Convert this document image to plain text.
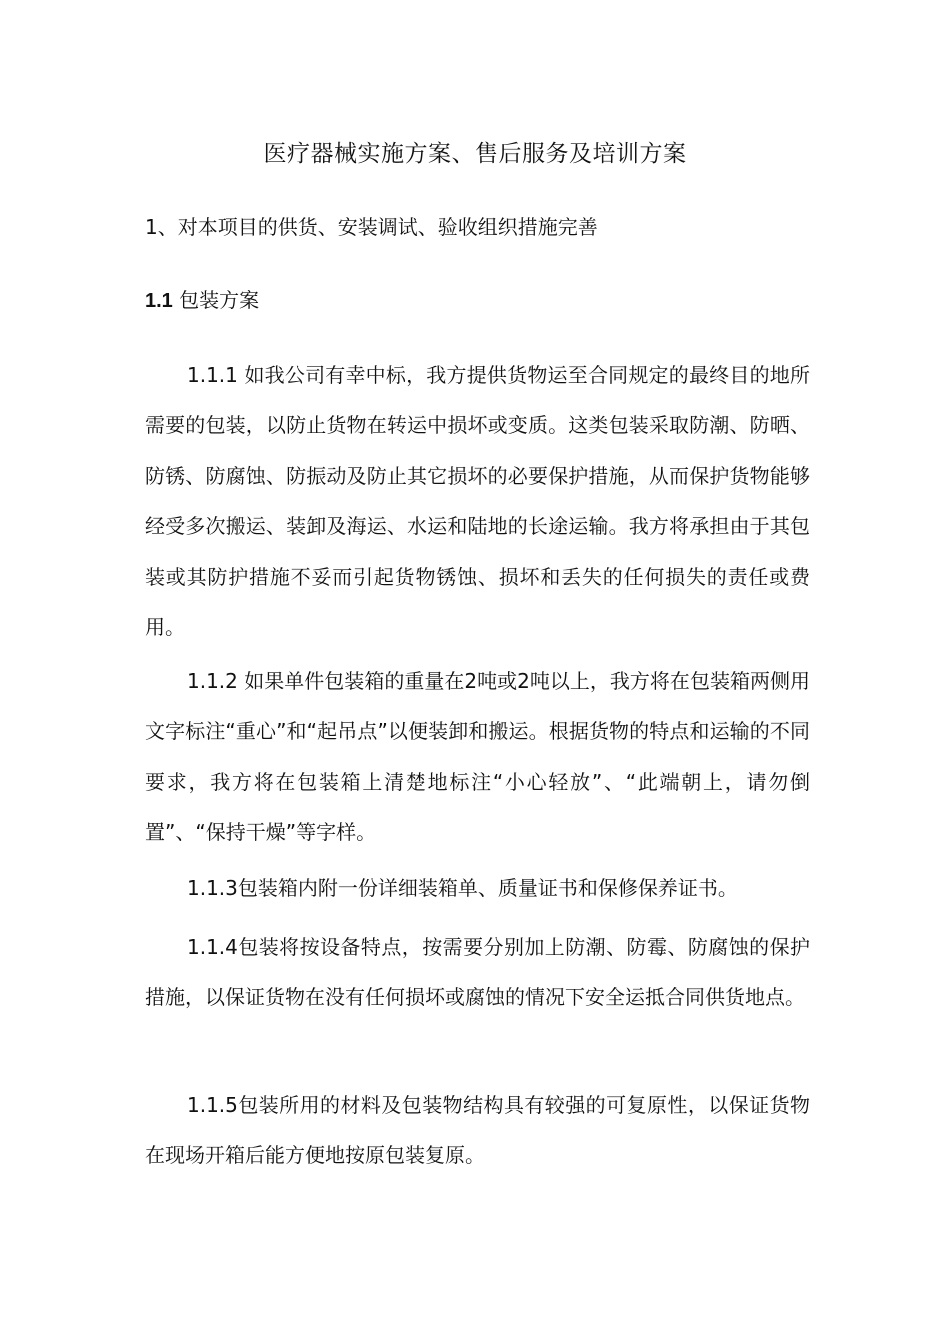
医疗器械实施方案、售后服务及培训方案
1、对本项目的供货、安装调试、验收组织措施完善
1.1 包装方案

1.1.1 如我公司有幸中标，我方提供货物运至合同规定的最终目的地所需要的包装，以防止货物在转运中损坏或变质。这类包装采取防潮、防晒、防锈、防腐蚀、防振动及防止其它损坏的必要保护措施，从而保护货物能够经受多次搬运、装卸及海运、水运和陆地的长途运输。我方将承担由于其包装或其防护措施不妥而引起货物锈蚀、损坏和丢失的任何损失的责任或费用。

1.1.2 如果单件包装箱的重量在2吨或2吨以上，我方将在包装箱两侧用文字标注“重心”和“起吊点”以便装卸和搬运。根据货物的特点和运输的不同要求，我方将在包装箱上清楚地标注“小心轻放”、“此端朝上，请勿倒置”、“保持干燥”等字样。

1.1.3包装箱内附一份详细装箱单、质量证书和保修保养证书。

1.1.4包装将按设备特点，按需要分别加上防潮、防霉、防腐蚀的保护措施，以保证货物在没有任何损坏或腐蚀的情况下安全运抵合同供货地点。

1.1.5包装所用的材料及包装物结构具有较强的可复原性，以保证货物在现场开箱后能方便地按原包装复原。
